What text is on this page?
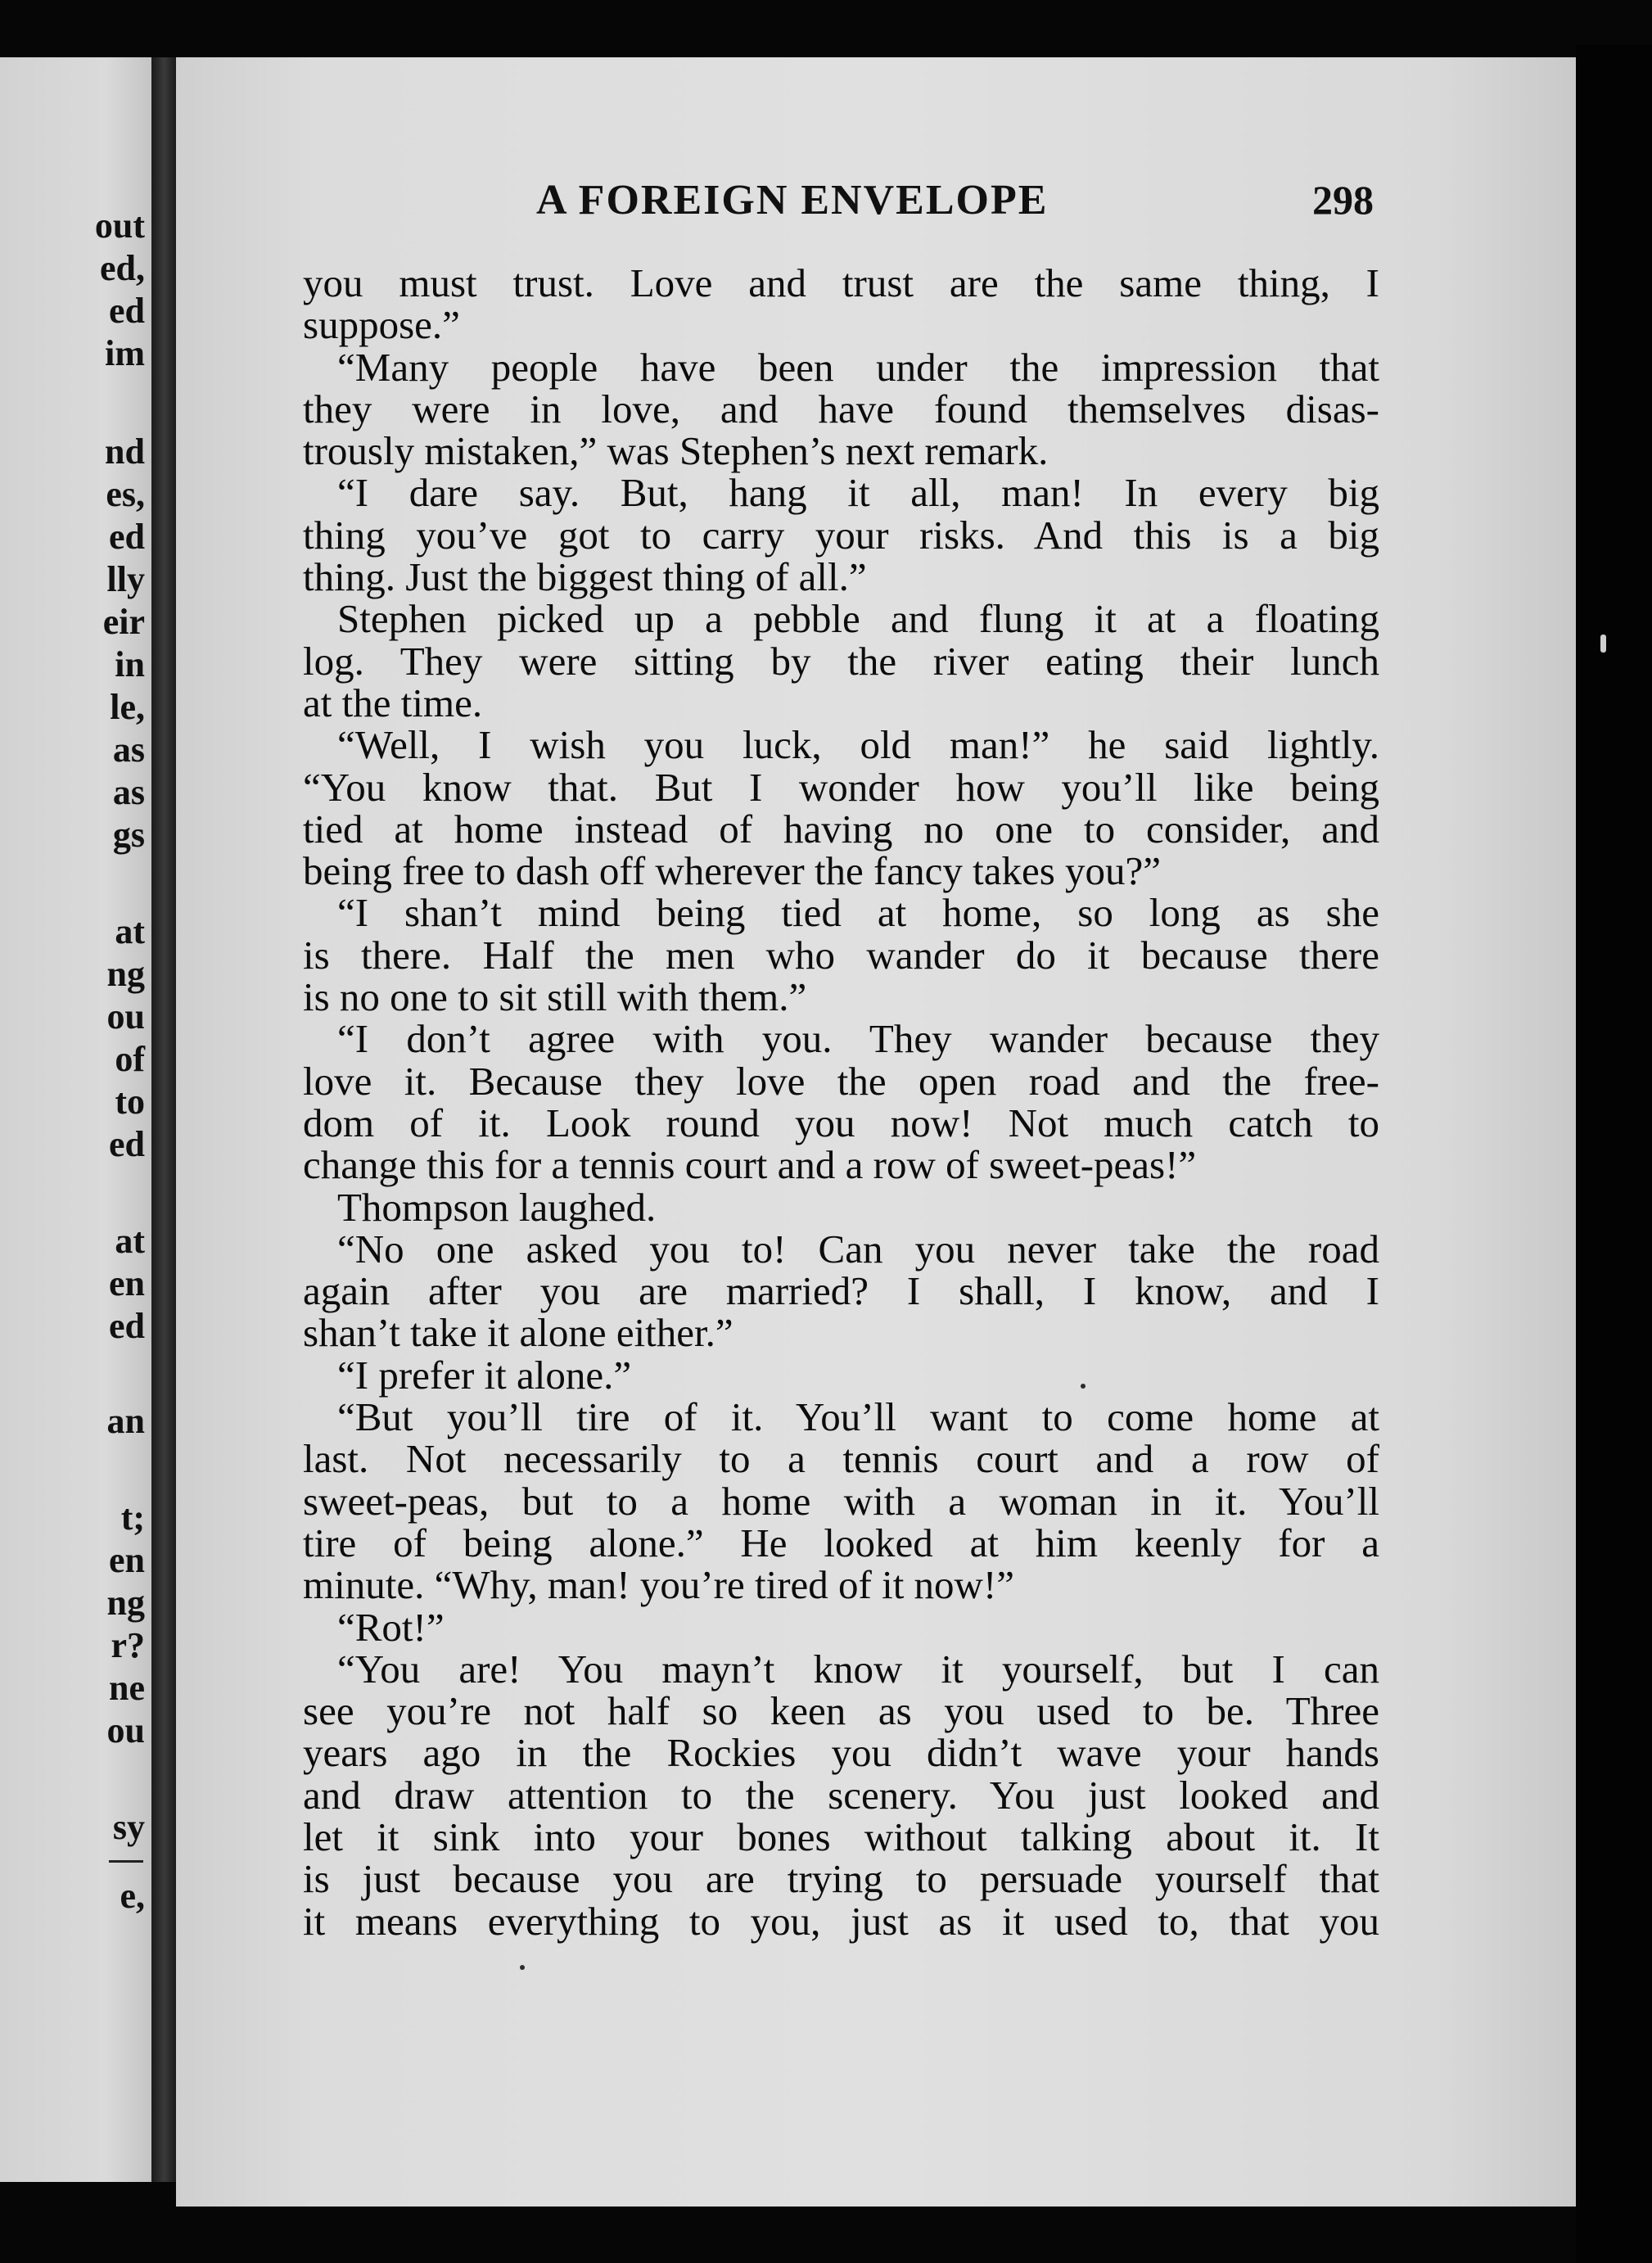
out
ed,
ed
im
nd
es,
ed
lly
eir
in
le,
as
as
gs
at
ng
ou
of
to
ed
at
en
ed
an
t;
en
ng
r?
ne
ou
sy
e,
A FOREIGN ENVELOPE	298
you must trust. Love and trust are the same thing, I
suppose.”
“Many people have been under the impression that
they were in love, and have found themselves disas-
trously mistaken,” was Stephen’s next remark.
“I dare say. But, hang it all, man! In every big
thing you’ve got to carry your risks. And this is a big
thing. Just the biggest thing of all.”
Stephen picked up a pebble and flung it at a floating
log. They were sitting by the river eating their lunch
at the time.
“Well, I wish you luck, old man!” he said lightly.
“You know that. But I wonder how you’ll like being
tied at home instead of having no one to consider, and
being free to dash off wherever the fancy takes you?”
“I shan’t mind being tied at home, so long as she
is there. Half the men who wander do it because there
is no one to sit still with them.”
“I don’t agree with you. They wander because they
love it. Because they love the open road and the free-
dom of it. Look round you now! Not much catch to
change this for a tennis court and a row of sweet-peas!”
Thompson laughed.
“No one asked you to! Can you never take the road
again after you are married? I shall, I know, and I
shan’t take it alone either.”
“I prefer it alone.”
“But you’ll tire of it. You’ll want to come home at
last. Not necessarily to a tennis court and a row of
sweet-peas, but to a home with a woman in it. You’ll
tire of being alone.” He looked at him keenly for a
minute. “Why, man! you’re tired of it now!”
“Rot!”
“You are! You mayn’t know it yourself, but I can
see you’re not half so keen as you used to be. Three
years ago in the Rockies you didn’t wave your hands
and draw attention to the scenery. You just looked and
let it sink into your bones without talking about it. It
is just because you are trying to persuade yourself that
it means everything to you, just as it used to, that you
